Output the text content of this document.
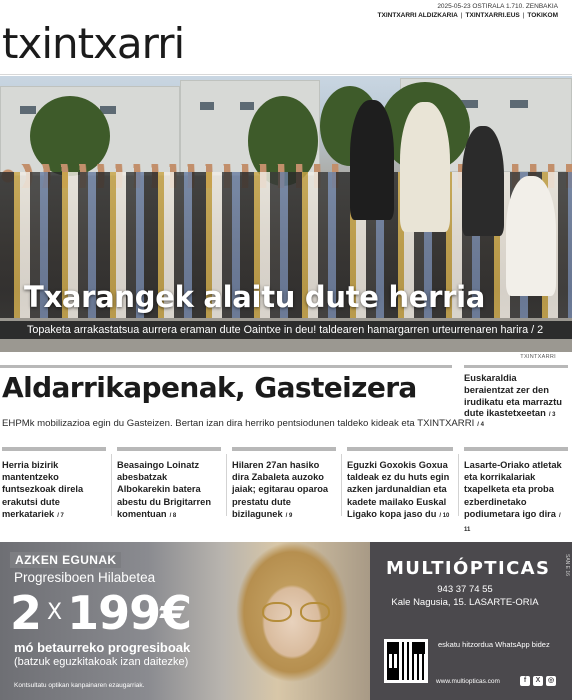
2025-05-23 OSTIRALA 1.710. ZENBAKIA
TXINTXARRI ALDIZKARIA | TXINTXARRI.EUS | TOKIKOM
txintxarri
Txarangek alaitu dute herria
Topaketa arrakastatsua aurrera eraman dute Oaintxe in deu! taldearen hamargarren urteurrenaren harira / 2
TXINTXARRI
Aldarrikapenak, Gasteizera
EHPMk mobilizazioa egin du Gasteizen. Bertan izan dira herriko pentsiodunen taldeko kideak eta TXINTXARRI / 4
Euskaraldia beraientzat zer den irudikatu eta marraztu dute ikastetxeetan / 3
Herria bizirik mantentzeko funtsezkoak direla erakutsi dute merkatariek / 7
Beasaingo Loinatz abesbatzak Albokarekin batera abestu du Brigitarren komentuan / 8
Hilaren 27an hasiko dira Zabaleta auzoko jaiak; egitarau oparoa prestatu dute bizilagunek / 9
Eguzki Goxokis Goxua taldeak ez du huts egin azken jardunaldian eta kadete mailako Euskal Ligako kopa jaso du / 10
Lasarte-Oriako atletak eta korrikalariak txapelketa eta proba ezberdinetako podiumetara igo dira / 11
AZKEN EGUNAK
Progresiboen Hilabetea
2 $^X$ 199€
mó betaurreko progresiboak
(batzuk eguzkitakoak izan daitezke)
Kontsultatu optikan kanpainaren ezaugarriak.
MULTIÓPTICAS
943 37 74 55
Kale Nagusia, 15. LASARTE-ORIA
eskatu hitzordua WhatsApp bidez
www.multiopticas.com	f	X	◎
SAN E 16
